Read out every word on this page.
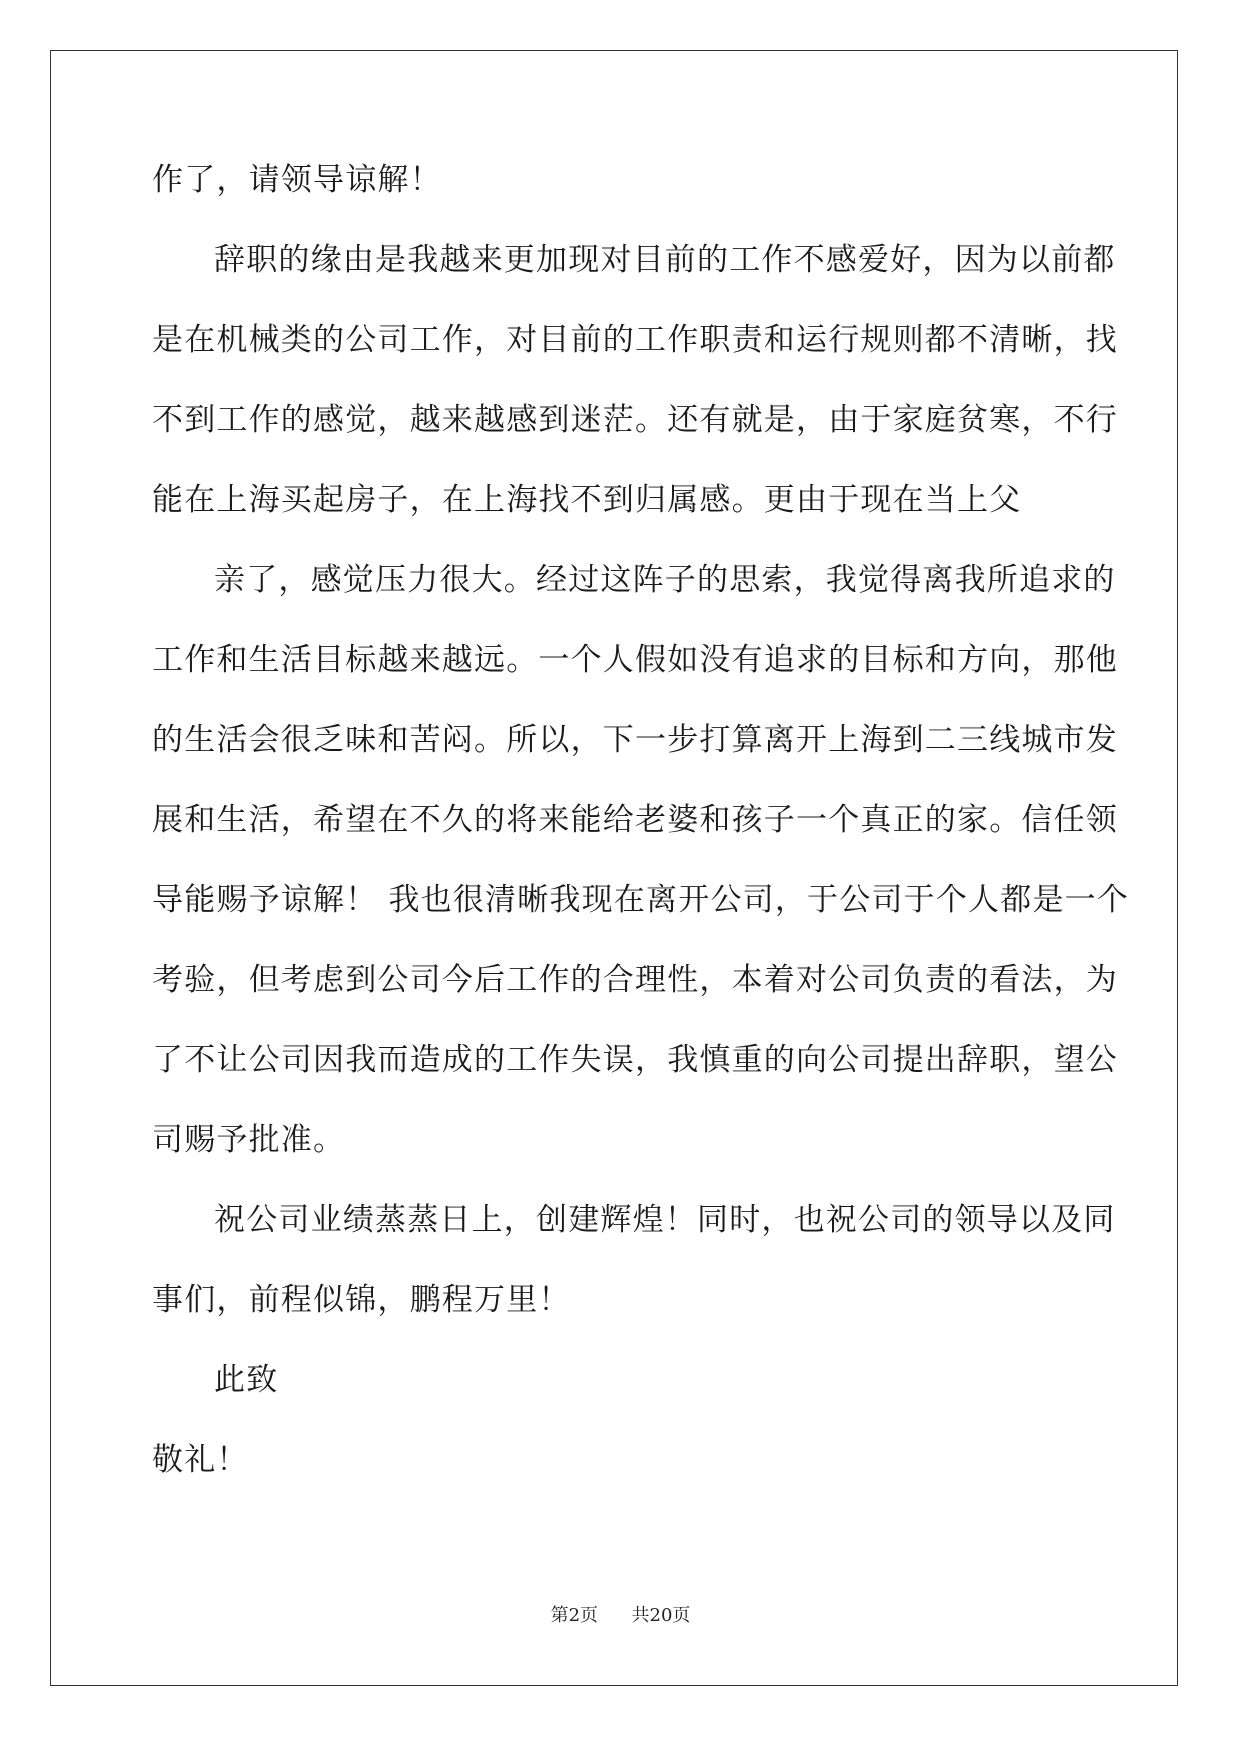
作了，请领导谅解！
辞职的缘由是我越来更加现对目前的工作不感爱好，因为以前都
是在机械类的公司工作，对目前的工作职责和运行规则都不清晰，找
不到工作的感觉，越来越感到迷茫。还有就是，由于家庭贫寒，不行
能在上海买起房子，在上海找不到归属感。更由于现在当上父
亲了，感觉压力很大。经过这阵子的思索，我觉得离我所追求的
工作和生活目标越来越远。一个人假如没有追求的目标和方向，那他
的生活会很乏味和苦闷。所以，下一步打算离开上海到二三线城市发
展和生活，希望在不久的将来能给老婆和孩子一个真正的家。信任领
导能赐予谅解！ 我也很清晰我现在离开公司，于公司于个人都是一个
考验，但考虑到公司今后工作的合理性，本着对公司负责的看法，为
了不让公司因我而造成的工作失误，我慎重的向公司提出辞职，望公
司赐予批准。
祝公司业绩蒸蒸日上，创建辉煌！同时，也祝公司的领导以及同
事们，前程似锦，鹏程万里！
此致
敬礼！
第2页 共20页
